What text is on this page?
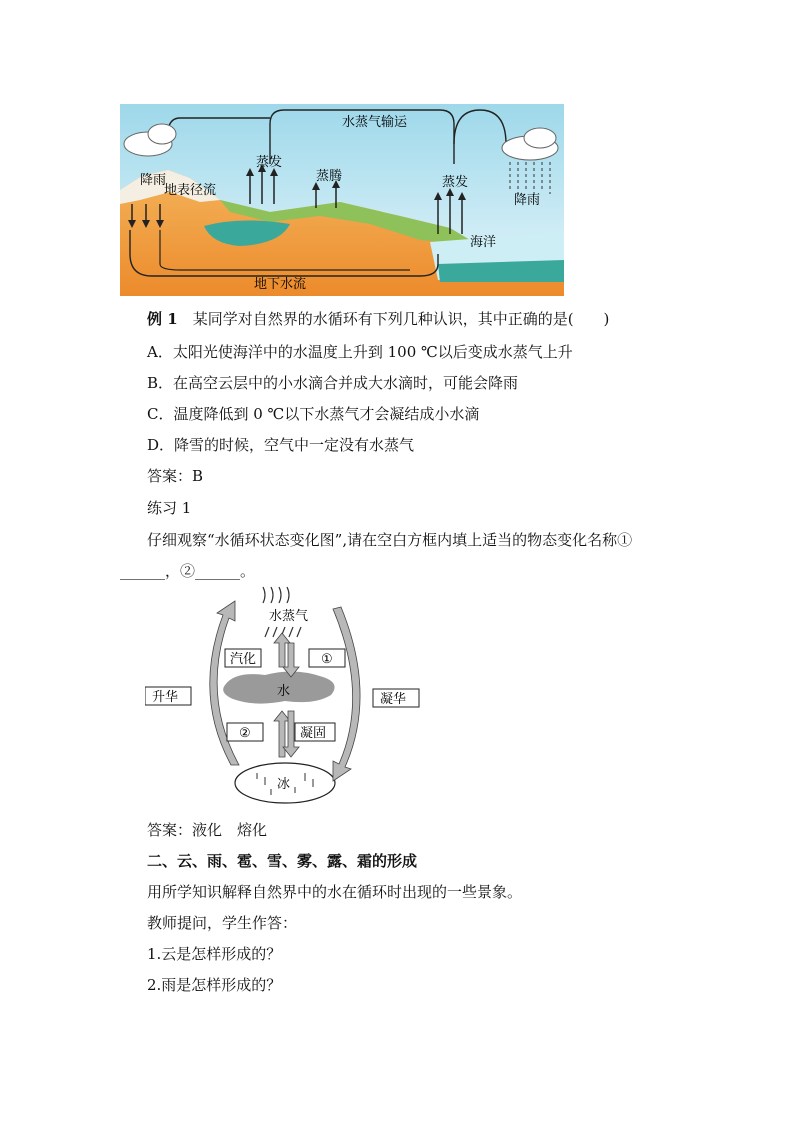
水蒸气输运
蒸发
蒸腾
降雨
地表径流
蒸发
降雨
海洋
地下水流
例 1　 某同学对自然界的水循环有下列几种认识，其中正确的是(　　)
A．太阳光使海洋中的水温度上升到 100 ℃以后变成水蒸气上升
B．在高空云层中的小水滴合并成大水滴时，可能会降雨
C．温度降低到 0 ℃以下水蒸气才会凝结成小水滴
D．降雪的时候，空气中一定没有水蒸气
答案：B
练习 1
仔细观察“水循环状态变化图”,请在空白方框内填上适当的物态变化名称①
______，②______。
水蒸气
水
冰
汽化	①
②	凝固
升华	凝华
答案：液化　熔化
二、云、雨、雹、雪、雾、露、霜的形成
用所学知识解释自然界中的水在循环时出现的一些景象。
教师提问，学生作答：
1.云是怎样形成的？
2.雨是怎样形成的？
